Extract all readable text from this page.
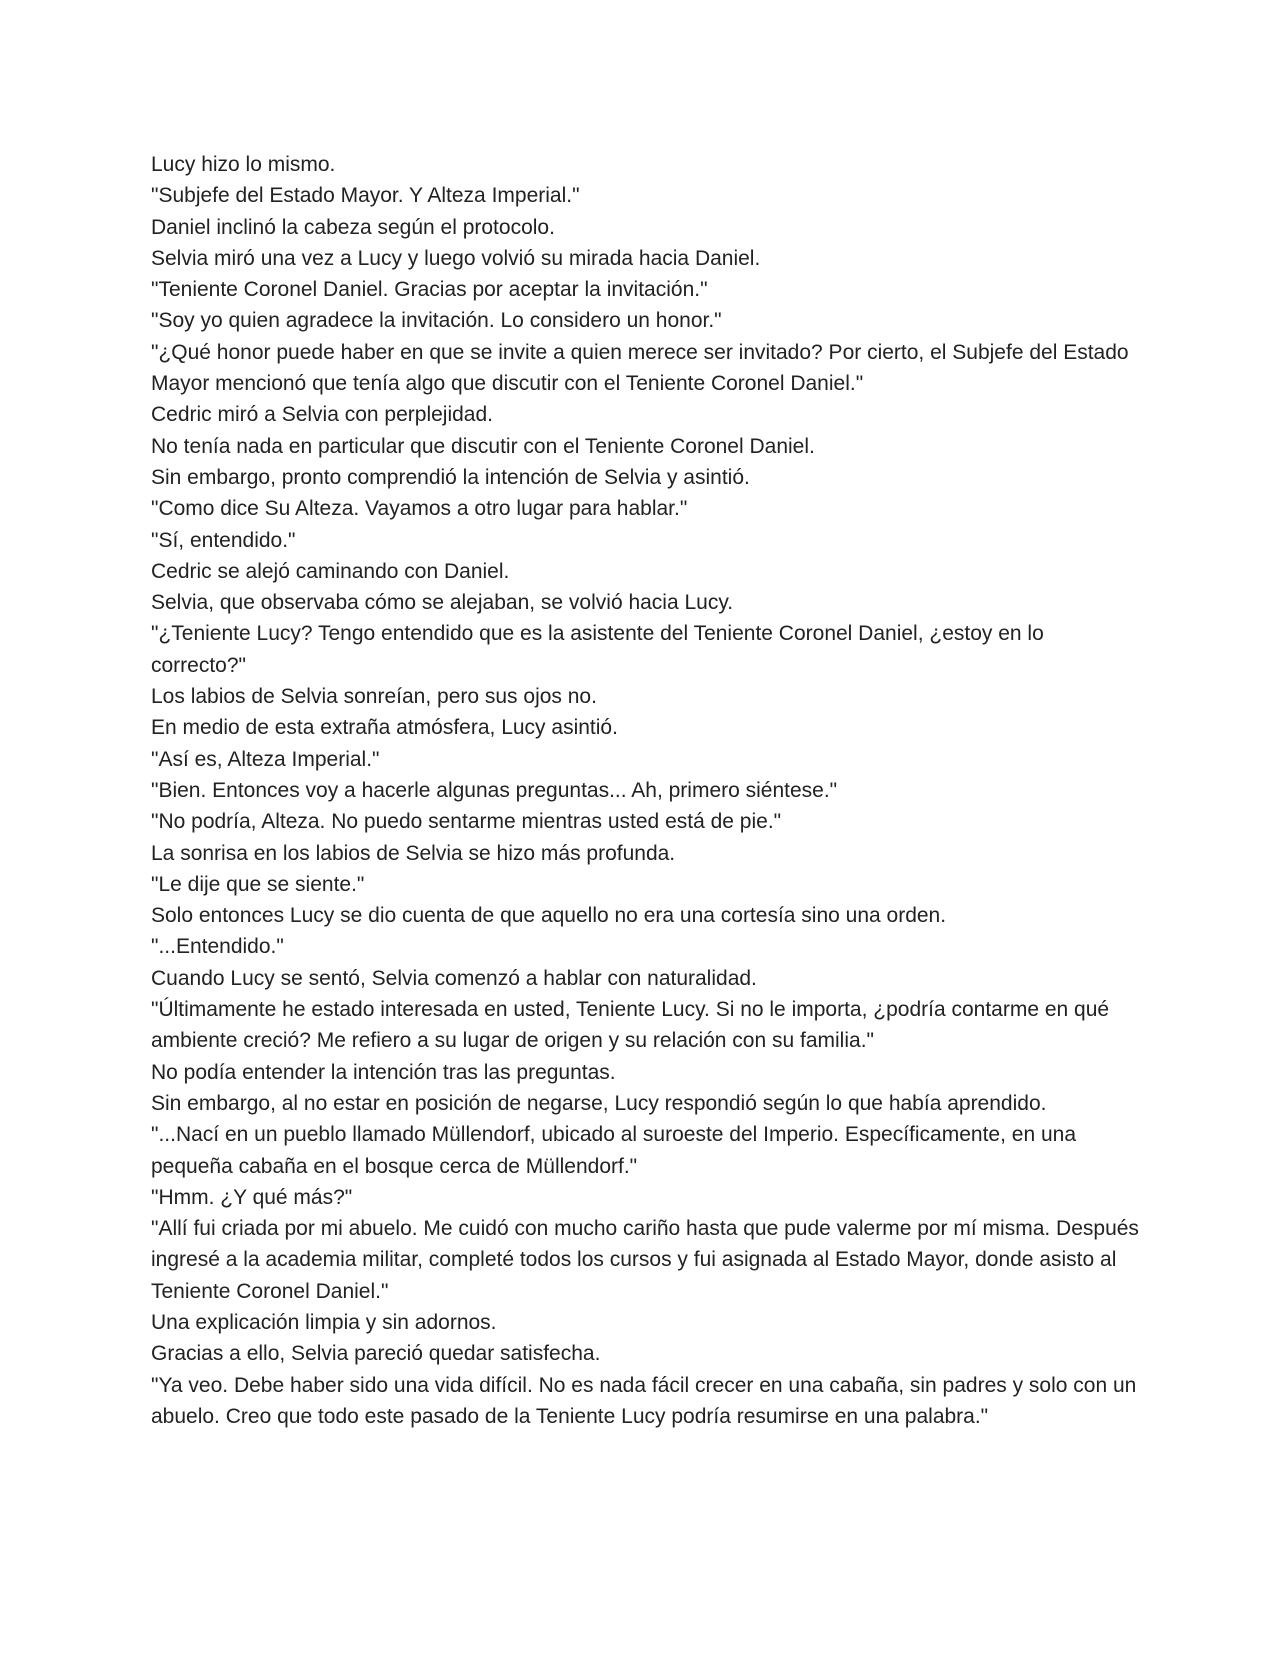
Lucy hizo lo mismo.

"Subjefe del Estado Mayor. Y Alteza Imperial."

Daniel inclinó la cabeza según el protocolo.

Selvia miró una vez a Lucy y luego volvió su mirada hacia Daniel.

"Teniente Coronel Daniel. Gracias por aceptar la invitación."

"Soy yo quien agradece la invitación. Lo considero un honor."

"¿Qué honor puede haber en que se invite a quien merece ser invitado? Por cierto, el Subjefe del Estado Mayor mencionó que tenía algo que discutir con el Teniente Coronel Daniel."

Cedric miró a Selvia con perplejidad.

No tenía nada en particular que discutir con el Teniente Coronel Daniel.

Sin embargo, pronto comprendió la intención de Selvia y asintió.

"Como dice Su Alteza. Vayamos a otro lugar para hablar."

"Sí, entendido."

Cedric se alejó caminando con Daniel.

Selvia, que observaba cómo se alejaban, se volvió hacia Lucy.

"¿Teniente Lucy? Tengo entendido que es la asistente del Teniente Coronel Daniel, ¿estoy en lo correcto?"

Los labios de Selvia sonreían, pero sus ojos no.

En medio de esta extraña atmósfera, Lucy asintió.

"Así es, Alteza Imperial."

"Bien. Entonces voy a hacerle algunas preguntas... Ah, primero siéntese."

"No podría, Alteza. No puedo sentarme mientras usted está de pie."

La sonrisa en los labios de Selvia se hizo más profunda.

"Le dije que se siente."

Solo entonces Lucy se dio cuenta de que aquello no era una cortesía sino una orden.

"...Entendido."

Cuando Lucy se sentó, Selvia comenzó a hablar con naturalidad.

"Últimamente he estado interesada en usted, Teniente Lucy. Si no le importa, ¿podría contarme en qué ambiente creció? Me refiero a su lugar de origen y su relación con su familia."

No podía entender la intención tras las preguntas.

Sin embargo, al no estar en posición de negarse, Lucy respondió según lo que había aprendido.

"...Nací en un pueblo llamado Müllendorf, ubicado al suroeste del Imperio. Específicamente, en una pequeña cabaña en el bosque cerca de Müllendorf."

"Hmm. ¿Y qué más?"

"Allí fui criada por mi abuelo. Me cuidó con mucho cariño hasta que pude valerme por mí misma. Después ingresé a la academia militar, completé todos los cursos y fui asignada al Estado Mayor, donde asisto al Teniente Coronel Daniel."

Una explicación limpia y sin adornos.

Gracias a ello, Selvia pareció quedar satisfecha.

"Ya veo. Debe haber sido una vida difícil. No es nada fácil crecer en una cabaña, sin padres y solo con un abuelo. Creo que todo este pasado de la Teniente Lucy podría resumirse en una palabra."
